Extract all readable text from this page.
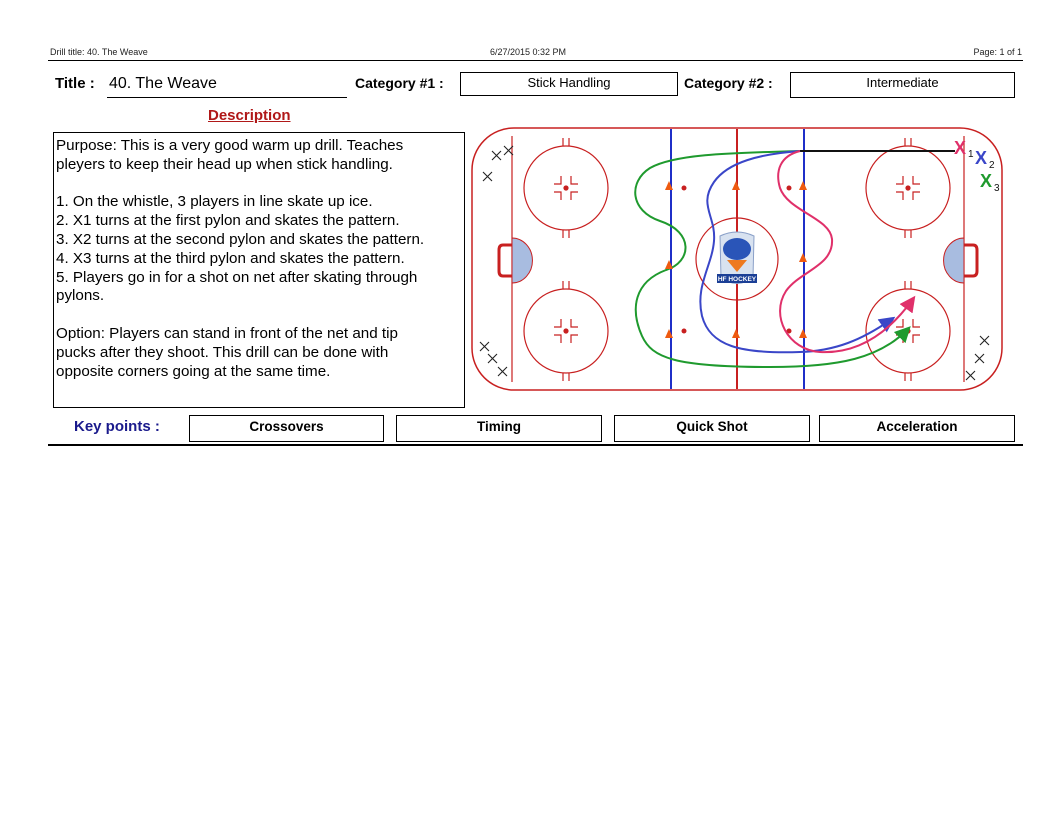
Drill title: 40. The Weave	6/27/2015 0:32 PM	Page: 1 of 1
Title : 40. The Weave	Category #1 :	Stick Handling	Category #2 :	Intermediate
Description
Purpose: This is a very good warm up drill. Teaches
pleyers to keep their head up when stick handling.

1. On the whistle, 3 players in line skate up ice.
2. X1 turns at the first pylon and skates the pattern.
3. X2 turns at the second pylon and skates the pattern.
4. X3 turns at the third pylon and skates the pattern.
5. Players go in for a shot on net after skating through
pylons.

Option: Players can stand in front of the net and tip
pucks after they shoot. This drill can be done with
opposite corners going at the same time.
HF HOCKEY
X 1 X 2
X 3
Key points :	Crossovers	Timing	Quick Shot	Acceleration
